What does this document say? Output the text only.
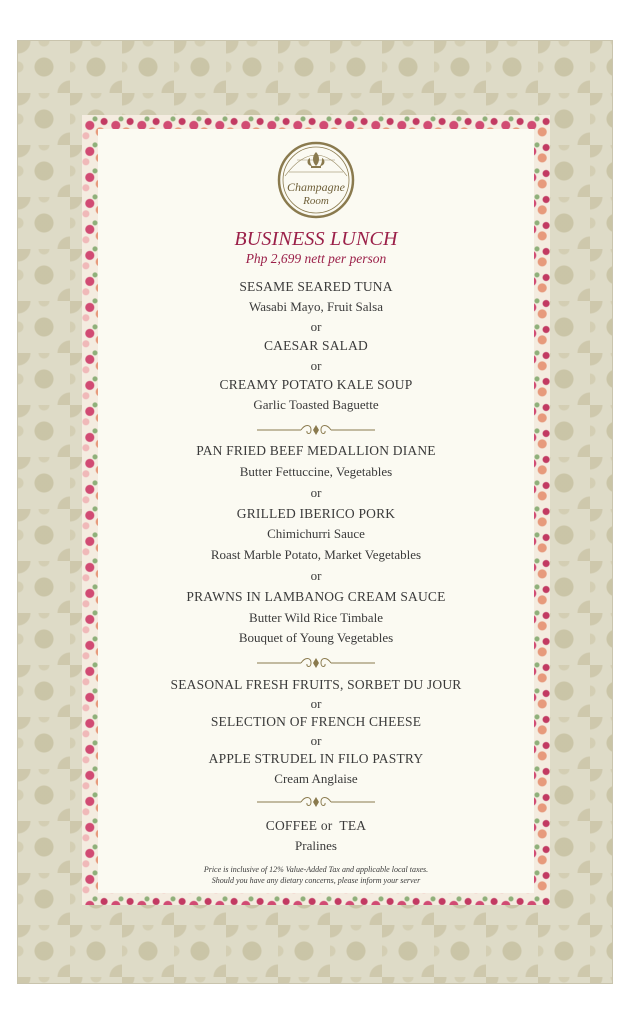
Champagne
Room
BUSINESS LUNCH
Php 2,699 nett per person
SESAME SEARED TUNA
Wasabi Mayo, Fruit Salsa
or
CAESAR SALAD
or
CREAMY POTATO KALE SOUP
Garlic Toasted Baguette
PAN FRIED BEEF MEDALLION DIANE
Butter Fettuccine, Vegetables
or
GRILLED IBERICO PORK
Chimichurri Sauce
Roast Marble Potato, Market Vegetables
or
PRAWNS IN LAMBANOG CREAM SAUCE
Butter Wild Rice Timbale
Bouquet of Young Vegetables
SEASONAL FRESH FRUITS, SORBET DU JOUR
or
SELECTION OF FRENCH CHEESE
or
APPLE STRUDEL IN FILO PASTRY
Cream Anglaise
COFFEE or  TEA
Pralines
Price is inclusive of 12% Value-Added Tax and applicable local taxes.
Should you have any dietary concerns, please inform your server
